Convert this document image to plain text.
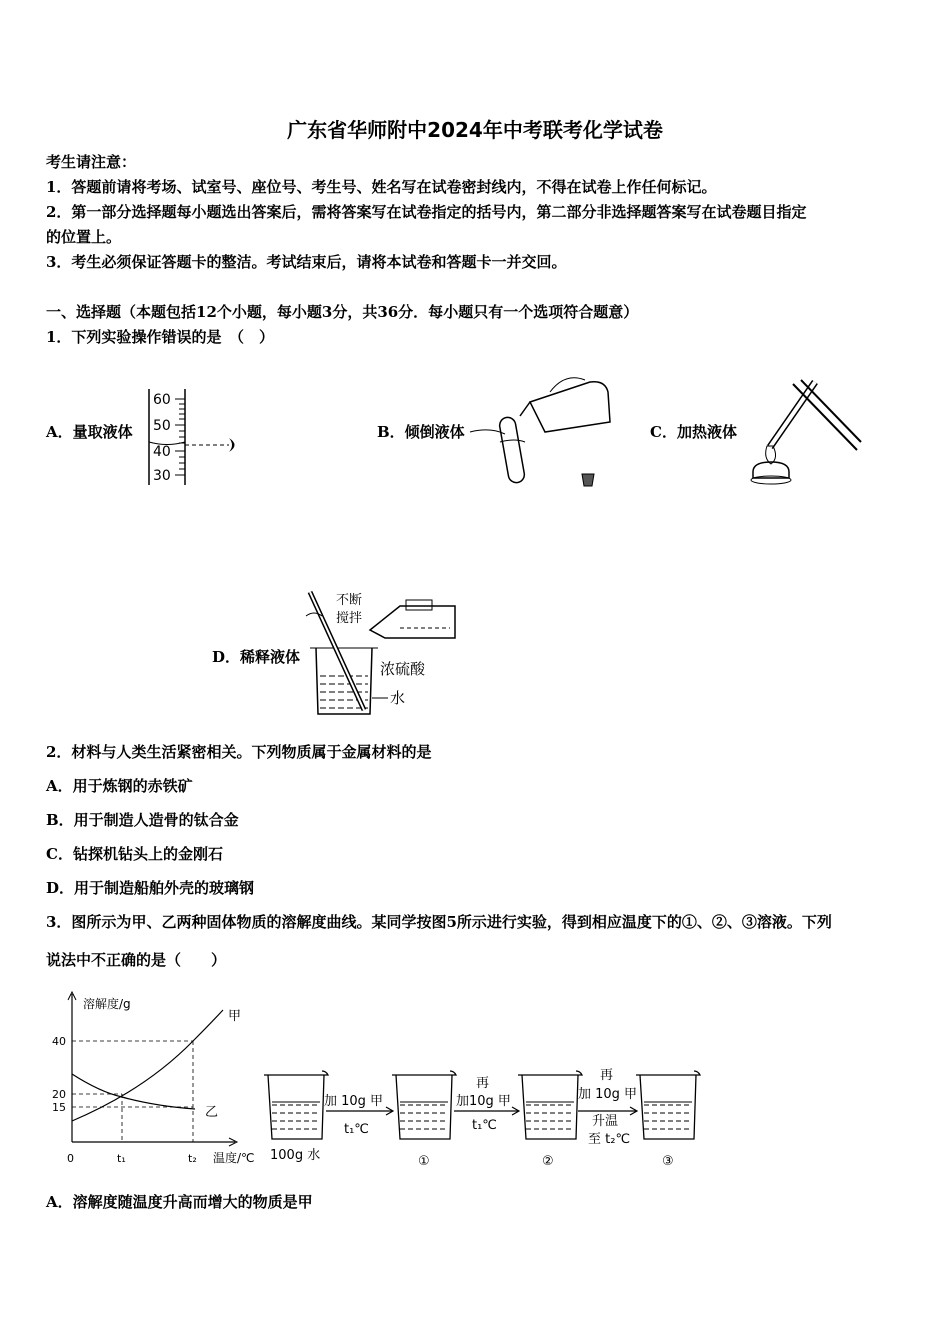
广东省华师附中2024年中考联考化学试卷
考生请注意：
1．答题前请将考场、试室号、座位号、考生号、姓名写在试卷密封线内，不得在试卷上作任何标记。
2．第一部分选择题每小题选出答案后，需将答案写在试卷指定的括号内，第二部分非选择题答案写在试卷题目指定
的位置上。
3．考生必须保证答题卡的整洁。考试结束后，请将本试卷和答题卡一并交回。
一、选择题（本题包括12个小题，每小题3分，共36分．每小题只有一个选项符合题意）
1．下列实验操作错误的是　（　）
A．量取液体
60
50
40
30
B．倾倒液体	C．加热液体
D．稀释液体
不断
搅拌
浓硫酸
水
2．材料与人类生活紧密相关。下列物质属于金属材料的是
A．用于炼钢的赤铁矿
B．用于制造人造骨的钛合金
C．钻探机钻头上的金刚石
D．用于制造船舶外壳的玻璃钢
3．图所示为甲、乙两种固体物质的溶解度曲线。某同学按图5所示进行实验，得到相应温度下的①、②、③溶液。下列
说法中不正确的是（　　）
溶解度/g
温度/℃
0
40
20
15
t₁	t₂
甲
乙
加 10g 甲
t₁℃
再
加10g 甲
t₁℃
再
加 10g 甲
升温
至 t₂℃
100g 水	①	②	③
A．溶解度随温度升高而增大的物质是甲
